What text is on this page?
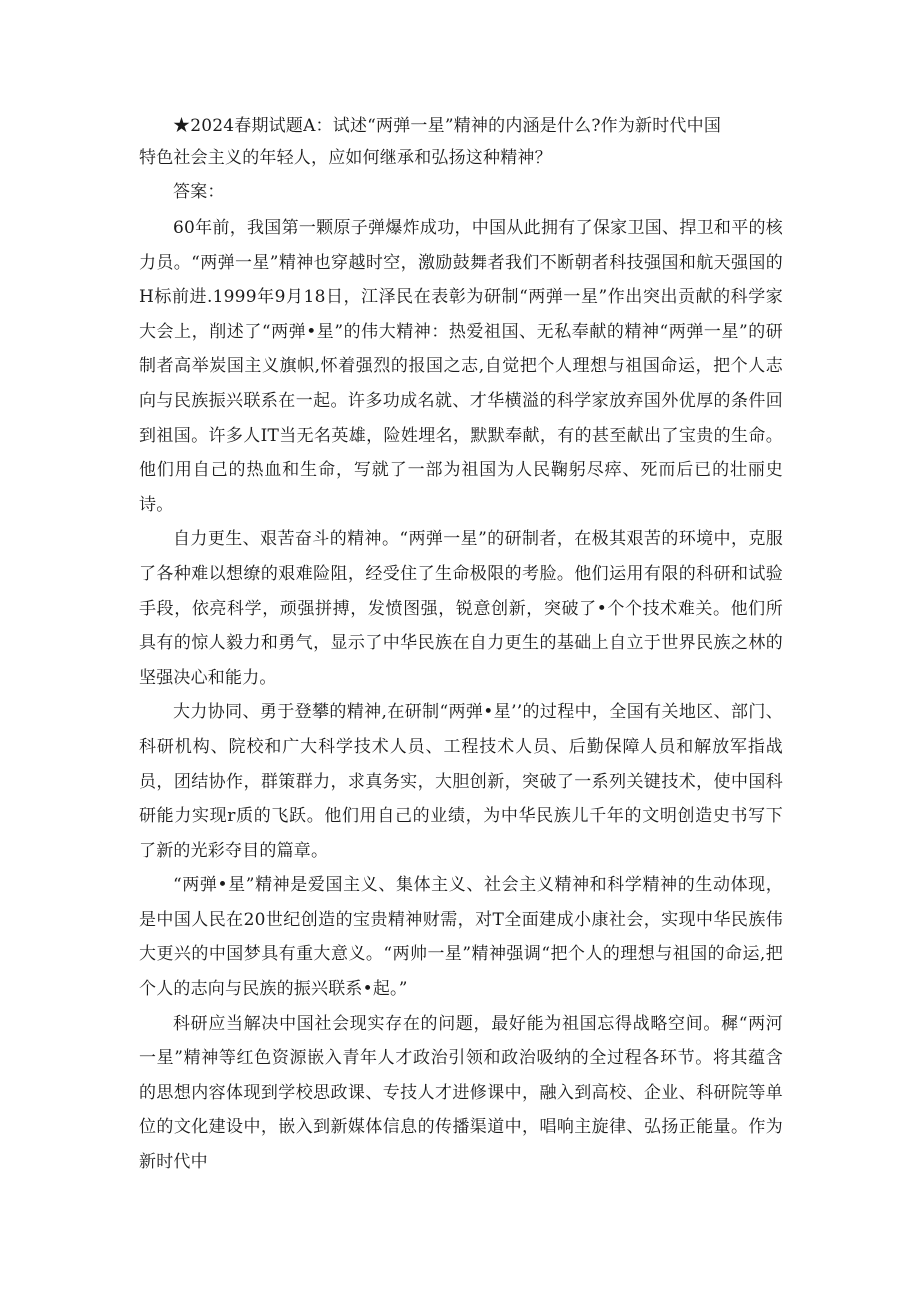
★2024春期试题A：试述“两弹一星”精神的内涵是什么?作为新时代中国
特色社会主义的年轻人，应如何继承和弘扬这种精神？

答案：

60年前，我国第一颗原子弹爆炸成功，中国从此拥有了保家卫国、捍卫和平的核力员。“两弹一星”精神也穿越时空，激励鼓舞者我们不断朝者科技强国和航天强国的H标前进.1999年9月18日，江泽民在表彰为研制“两弹一星”作出突出贡献的科学家大会上，削述了“两弹•星”的伟大精神：热爱祖国、无私奉献的精神“两弹一星”的研制者高举炭国主义旗帜,怀着强烈的报国之志,自觉把个人理想与祖国命运，把个人志向与民族振兴联系在一起。许多功成名就、才华横溢的科学家放弃国外优厚的条件回到祖国。许多人IT当无名英雄，险姓埋名，默默奉献，有的甚至献出了宝贵的生命。他们用自己的热血和生命，写就了一部为祖国为人民鞠躬尽瘁、死而后已的壮丽史诗。

自力更生、艰苦奋斗的精神。“两弹一星”的研制者，在极其艰苦的环境中，克服了各种难以想缭的艰难险阻，经受住了生命极限的考脸。他们运用有限的科研和试验手段，依亮科学，顽强拼搏，发愤图强，锐意创新，突破了•个个技术难关。他们所具有的惊人毅力和勇气，显示了中华民族在自力更生的基础上自立于世界民族之林的坚强决心和能力。

大力协同、勇于登攀的精神,在研制“两弹•星’’的过程中，全国有关地区、部门、科研机构、院校和广大科学技术人员、工程技术人员、后勤保障人员和解放军指战员，团结协作，群策群力，求真务实，大胆创新，突破了一系列关键技术，使中国科研能力实现r质的飞跃。他们用自己的业绩，为中华民族儿千年的文明创造史书写下了新的光彩夺目的篇章。

“两弹•星”精神是爱国主义、集体主义、社会主义精神和科学精神的生动体现，是中国人民在20世纪创造的宝贵精神财需，对T全面建成小康社会，实现中华民族伟大更兴的中国梦具有重大意义。“两帅一星”精神强调“把个人的理想与祖国的命运,把个人的志向与民族的振兴联系•起。”

科研应当解决中国社会现实存在的问题，最好能为祖国忘得战略空间。穉“两河一星”精神等红色资源嵌入青年人才政治引领和政治吸纳的全过程各环节。将其蕴含的思想内容体现到学校思政课、专技人才进修课中，融入到高校、企业、科研院等单位的文化建设中，嵌入到新媒体信息的传播渠道中，唱响主旋律、弘扬正能量。作为新时代中
